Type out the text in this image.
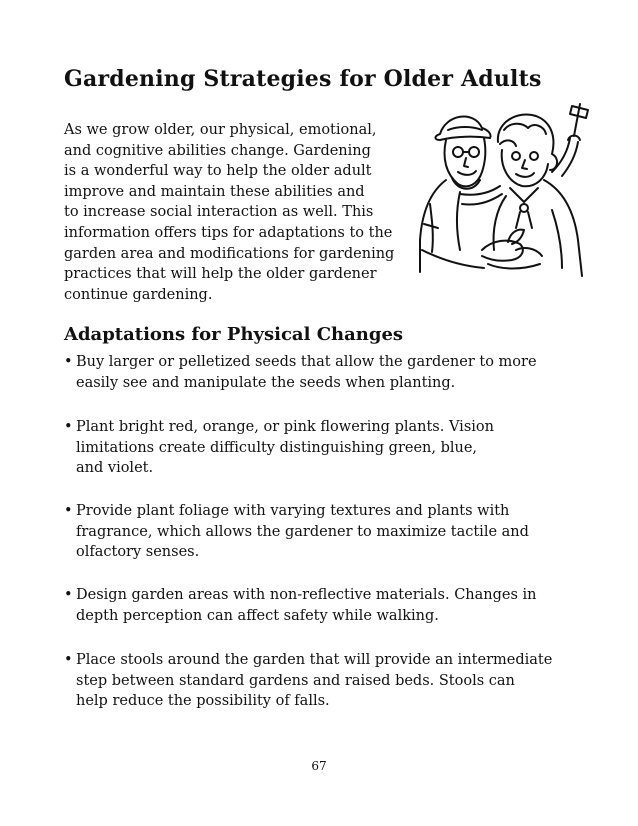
Gardening Strategies for Older Adults
As we grow older, our physical, emotional,
and cognitive abilities change. Gardening
is a wonderful way to help the older adult
improve and maintain these abilities and
to increase social interaction as well. This
information offers tips for adaptations to the
garden area and modifications for gardening
practices that will help the older gardener
continue gardening.
Adaptations for Physical Changes
• Buy larger or pelletized seeds that allow the gardener to more
easily see and manipulate the seeds when planting.
• Plant bright red, orange, or pink flowering plants. Vision
limitations create difficulty distinguishing green, blue,
and violet.
• Provide plant foliage with varying textures and plants with
fragrance, which allows the gardener to maximize tactile and
olfactory senses.
• Design garden areas with non-reflective materials. Changes in
depth perception can affect safety while walking.
• Place stools around the garden that will provide an intermediate
step between standard gardens and raised beds. Stools can
help reduce the possibility of falls.
67
